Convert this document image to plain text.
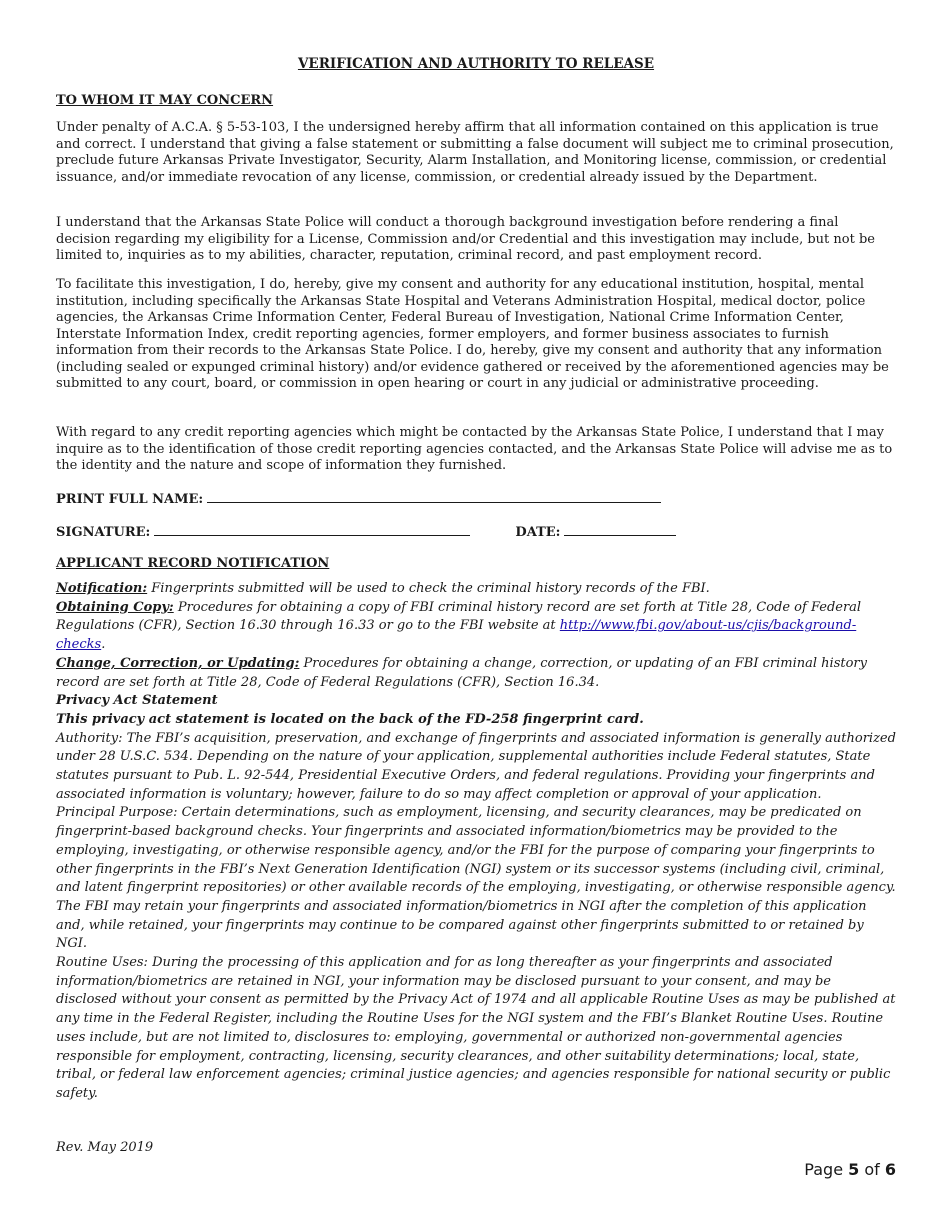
VERIFICATION AND AUTHORITY TO RELEASE
TO WHOM IT MAY CONCERN

Under penalty of A.C.A. § 5-53-103, I the undersigned hereby affirm that all information contained on this application is true and correct. I understand that giving a false statement or submitting a false document will subject me to criminal prosecution, preclude future Arkansas Private Investigator, Security, Alarm Installation, and Monitoring license, commission, or credential issuance, and/or immediate revocation of any license, commission, or credential already issued by the Department.

I understand that the Arkansas State Police will conduct a thorough background investigation before rendering a final decision regarding my eligibility for a License, Commission and/or Credential and this investigation may include, but not be limited to, inquiries as to my abilities, character, reputation, criminal record, and past employment record.

To facilitate this investigation, I do, hereby, give my consent and authority for any educational institution, hospital, mental institution, including specifically the Arkansas State Hospital and Veterans Administration Hospital, medical doctor, police agencies, the Arkansas Crime Information Center, Federal Bureau of Investigation, National Crime Information Center, Interstate Information Index, credit reporting agencies, former employers, and former business associates to furnish information from their records to the Arkansas State Police. I do, hereby, give my consent and authority that any information (including sealed or expunged criminal history) and/or evidence gathered or received by the aforementioned agencies may be submitted to any court, board, or commission in open hearing or court in any judicial or administrative proceeding.

With regard to any credit reporting agencies which might be contacted by the Arkansas State Police, I understand that I may inquire as to the identification of those credit reporting agencies contacted, and the Arkansas State Police will advise me as to the identity and the nature and scope of information they furnished.

PRINT FULL NAME:
SIGNATURE:	DATE:
APPLICANT RECORD NOTIFICATION

Notification: Fingerprints submitted will be used to check the criminal history records of the FBI.

Obtaining Copy: Procedures for obtaining a copy of FBI criminal history record are set forth at Title 28, Code of Federal Regulations (CFR), Section 16.30 through 16.33 or go to the FBI website at http://www.fbi.gov/about-us/cjis/background-checks.

Change, Correction, or Updating: Procedures for obtaining a change, correction, or updating of an FBI criminal history record are set forth at Title 28, Code of Federal Regulations (CFR), Section 16.34.

Privacy Act Statement

This privacy act statement is located on the back of the FD-258 fingerprint card.

Authority: The FBI’s acquisition, preservation, and exchange of fingerprints and associated information is generally authorized under 28 U.S.C. 534. Depending on the nature of your application, supplemental authorities include Federal statutes, State statutes pursuant to Pub. L. 92-544, Presidential Executive Orders, and federal regulations. Providing your fingerprints and associated information is voluntary; however, failure to do so may affect completion or approval of your application.

Principal Purpose: Certain determinations, such as employment, licensing, and security clearances, may be predicated on fingerprint-based background checks. Your fingerprints and associated information/biometrics may be provided to the employing, investigating, or otherwise responsible agency, and/or the FBI for the purpose of comparing your fingerprints to other fingerprints in the FBI’s Next Generation Identification (NGI) system or its successor systems (including civil, criminal, and latent fingerprint repositories) or other available records of the employing, investigating, or otherwise responsible agency. The FBI may retain your fingerprints and associated information/biometrics in NGI after the completion of this application and, while retained, your fingerprints may continue to be compared against other fingerprints submitted to or retained by NGI.

Routine Uses: During the processing of this application and for as long thereafter as your fingerprints and associated information/biometrics are retained in NGI, your information may be disclosed pursuant to your consent, and may be disclosed without your consent as permitted by the Privacy Act of 1974 and all applicable Routine Uses as may be published at any time in the Federal Register, including the Routine Uses for the NGI system and the FBI’s Blanket Routine Uses. Routine uses include, but are not limited to, disclosures to: employing, governmental or authorized non-governmental agencies responsible for employment, contracting, licensing, security clearances, and other suitability determinations; local, state, tribal, or federal law enforcement agencies; criminal justice agencies; and agencies responsible for national security or public safety.

Rev. May 2019
Page 5 of 6
